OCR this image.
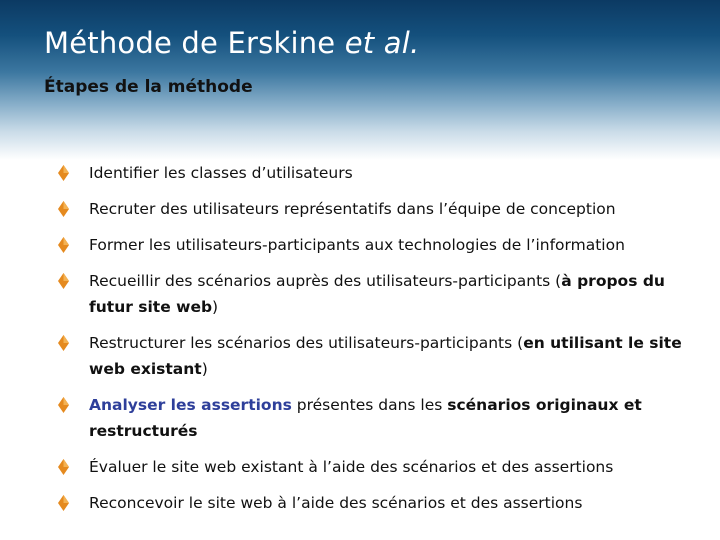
Méthode de Erskine et al.
Étapes de la méthode
Identifier les classes d’utilisateurs
Recruter des utilisateurs représentatifs dans l’équipe de conception
Former les utilisateurs-participants aux technologies de l’information
Recueillir des scénarios auprès des utilisateurs-participants (à propos du futur site web)
Restructurer les scénarios des utilisateurs-participants (en utilisant le site web existant)
Analyser les assertions présentes dans les scénarios originaux et restructurés
Évaluer le site web existant à l’aide des scénarios et des assertions
Reconcevoir le site web à l’aide des scénarios et des assertions
